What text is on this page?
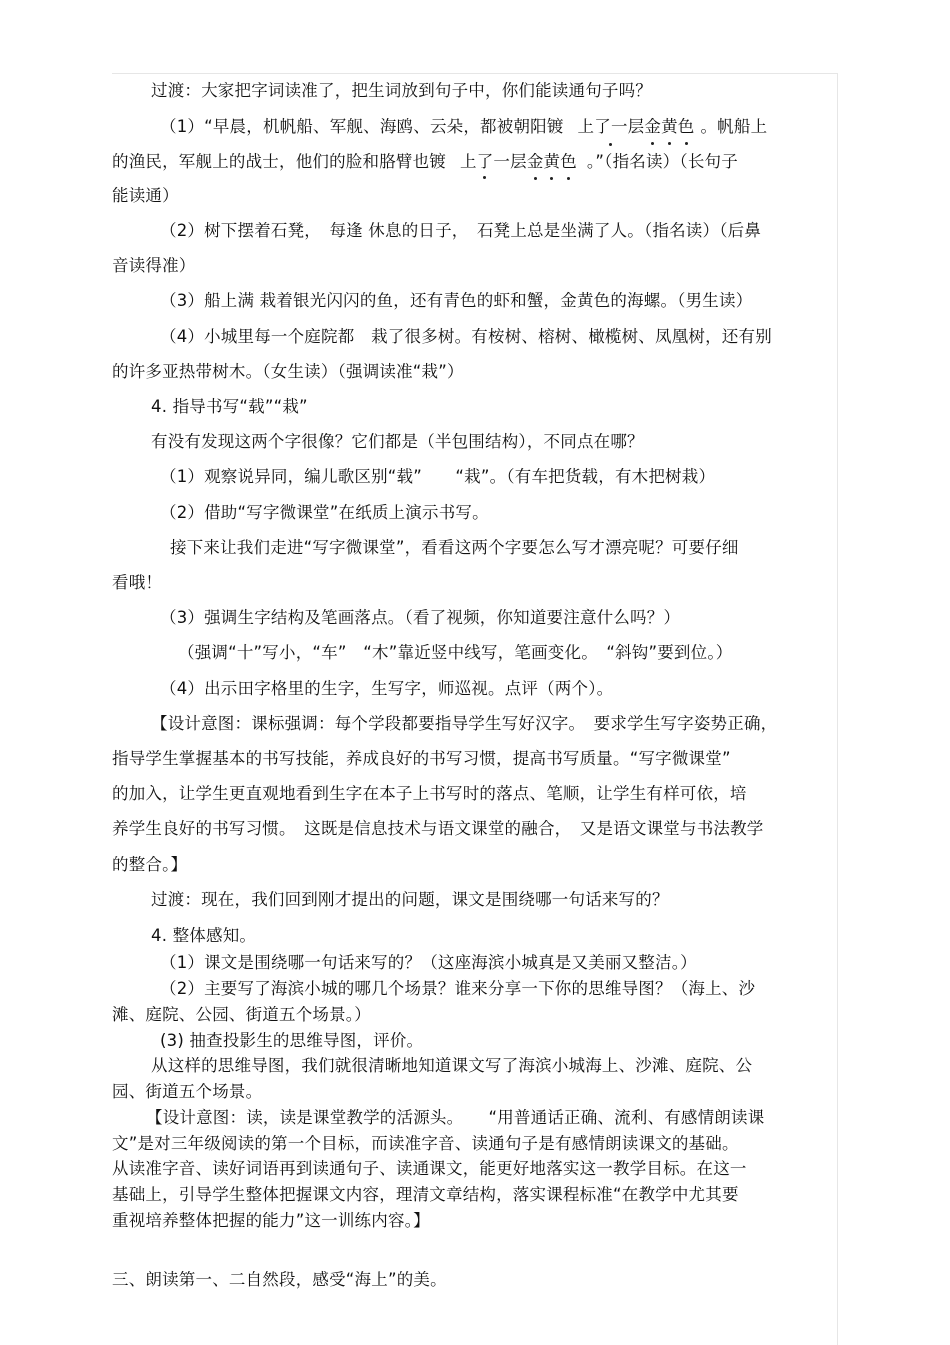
过渡：大家把字词读准了，把生词放到句子中，你们能读通句子吗？
（1）“早晨，机帆船、军舰、海鸥、云朵，都被朝阳镀 上了一层金黄色 。帆船上
的渔民，军舰上的战士，他们的脸和胳臂也镀 上了一层金黄色 。”（指名读）（长句子
能读通）
（2）树下摆着石凳，　每逢 休息的日子，　石凳上总是坐满了人。（指名读）（后鼻
音读得准）
（3）船上满 栽着银光闪闪的鱼，还有青色的虾和蟹，金黄色的海螺。（男生读）
（4）小城里每一个庭院都　栽了很多树。有桉树、榕树、橄榄树、凤凰树，还有别
的许多亚热带树木。（女生读）（强调读准“栽”）
4. 指导书写“载”“栽”
有没有发现这两个字很像？它们都是（半包围结构），不同点在哪？
（1）观察说异同，编儿歌区别“载”　　“栽”。（有车把货载，有木把树栽）
（2）借助“写字微课堂”在纸质上演示书写。
接下来让我们走进“写字微课堂”，看看这两个字要怎么写才漂亮呢？可要仔细
看哦！
（3）强调生字结构及笔画落点。（看了视频，你知道要注意什么吗？）
（强调“十”写小，“车”　“木”靠近竖中线写，笔画变化。　“斜钩”要到位。）
（4）出示田字格里的生字，生写字，师巡视。点评（两个）。
【设计意图：课标强调：每个学段都要指导学生写好汉字。　要求学生写字姿势正确，
指导学生掌握基本的书写技能，养成良好的书写习惯，提高书写质量。“写字微课堂”
的加入，让学生更直观地看到生字在本子上书写时的落点、笔顺，让学生有样可依，培
养学生良好的书写习惯。　这既是信息技术与语文课堂的融合，　又是语文课堂与书法教学
的整合。】
过渡：现在，我们回到刚才提出的问题，课文是围绕哪一句话来写的？
4. 整体感知。
（1）课文是围绕哪一句话来写的？（这座海滨小城真是又美丽又整洁。）
（2）主要写了海滨小城的哪几个场景？谁来分享一下你的思维导图？（海上、沙
滩、庭院、公园、街道五个场景。）
(3) 抽查投影生的思维导图，评价。
从这样的思维导图，我们就很清晰地知道课文写了海滨小城海上、沙滩、庭院、公
园、街道五个场景。
【设计意图：读，读是课堂教学的活源头。　　“用普通话正确、流利、有感情朗读课
文”是对三年级阅读的第一个目标，而读准字音、读通句子是有感情朗读课文的基础。
从读准字音、读好词语再到读通句子、读通课文，能更好地落实这一教学目标。在这一
基础上，引导学生整体把握课文内容，理清文章结构，落实课程标准“在教学中尤其要
重视培养整体把握的能力”这一训练内容。】
三、朗读第一、二自然段，感受“海上”的美。
